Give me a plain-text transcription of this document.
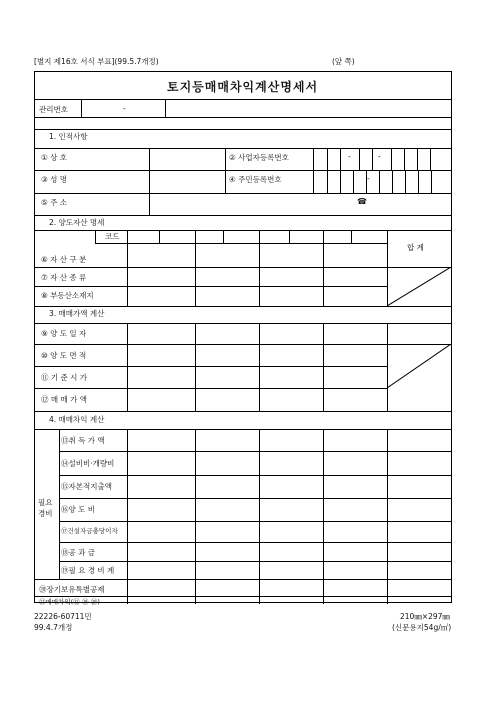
[별지 제16호 서식 부표](99.5.7개정)	(앞 쪽)
토지등매매차익계산명세서
관리번호	-
1. 인적사항
① 상 호	② 사업자등록번호	-	-
③ 성 명	④ 주민등록번호	-
⑤ 주 소	☎
2. 양도자산 명세
코드
합 계
⑥ 자 산 구 분
⑦ 자 산 종 류
⑧ 부동산소재지
3. 매매가액 계산
⑨ 양 도 일 자
⑩ 양 도 면 적
⑪ 기 준 시 가
⑫ 매 매 가 액
4. 매매차익 계산
필요
경비
⑬취 득 가 액
⑭설비비·개량비
⑮자본적지출액
⑯양 도 비
⑰건설자금충당이자
⑱공 과 금
⑲필 요 경 비 계
⑳장기보유특별공제
㉑매매차익(⑫-⑲-⑳)
22226-60711민
99.4.7개정
210㎜×297㎜
(신문용지54g/㎡)
